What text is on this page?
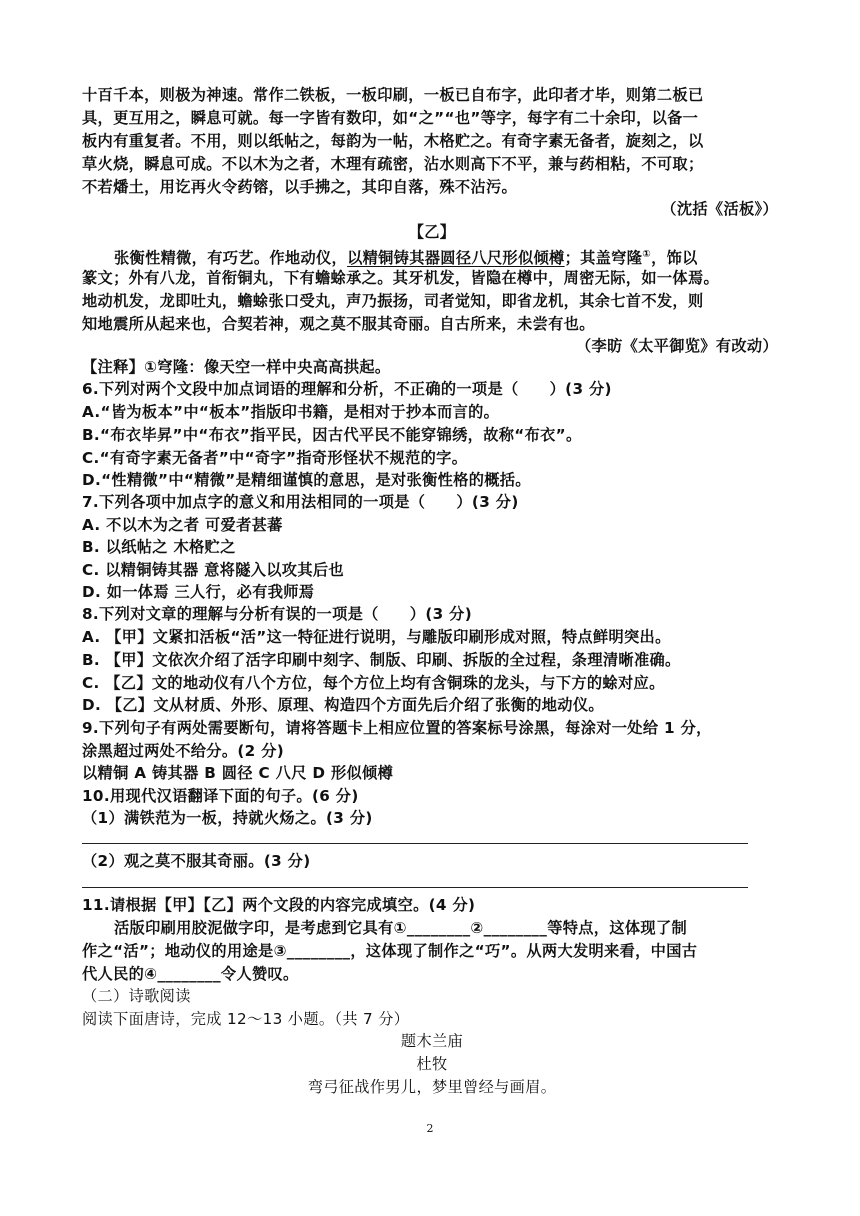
十百千本，则极为神速。常作二铁板，一板印刷，一板已自布字，此印者才毕，则第二板已
具，更互用之，瞬息可就。每一字皆有数印，如“之”“也”等字，每字有二十余印，以备一
板内有重复者。不用，则以纸帖之，每韵为一帖，木格贮之。有奇字素无备者，旋刻之，以
草火烧，瞬息可成。不以木为之者，木理有疏密，沾水则高下不平，兼与药相粘，不可取；
不若燔土，用讫再火令药镕，以手拂之，其印自落，殊不沾污。
（沈括《活板》）
【乙】
张衡性精微，有巧艺。作地动仪，以精铜铸其器圆径八尺形似倾樽；其盖穹隆①，饰以
篆文；外有八龙，首衔铜丸，下有蟾蜍承之。其牙机发，皆隐在樽中，周密无际，如一体焉。
地动机发，龙即吐丸，蟾蜍张口受丸，声乃振扬，司者觉知，即省龙机，其余七首不发，则
知地震所从起来也，合契若神，观之莫不服其奇丽。自古所来，未尝有也。
（李昉《太平御览》有改动）
【注释】①穹隆：像天空一样中央高高拱起。
6.下列对两个文段中加点词语的理解和分析，不正确的一项是（　　）(3 分)
A.“皆为板本”中“板本”指版印书籍，是相对于抄本而言的。
B.“布衣毕昇”中“布衣”指平民，因古代平民不能穿锦绣，故称“布衣”。
C.“有奇字素无备者”中“奇字”指奇形怪状不规范的字。
D.“性精微”中“精微”是精细谨慎的意思，是对张衡性格的概括。
7.下列各项中加点字的意义和用法相同的一项是（　　）(3 分)
A. 不以木为之者 可爱者甚蕃
B. 以纸帖之 木格贮之
C. 以精铜铸其器 意将隧入以攻其后也
D. 如一体焉 三人行，必有我师焉
8.下列对文章的理解与分析有误的一项是（　　）(3 分)
A. 【甲】文紧扣活板“活”这一特征进行说明，与雕版印刷形成对照，特点鲜明突出。
B. 【甲】文依次介绍了活字印刷中刻字、制版、印刷、拆版的全过程，条理清晰准确。
C. 【乙】文的地动仪有八个方位，每个方位上均有含铜珠的龙头，与下方的蜍对应。
D. 【乙】文从材质、外形、原理、构造四个方面先后介绍了张衡的地动仪。
9.下列句子有两处需要断句，请将答题卡上相应位置的答案标号涂黑，每涂对一处给 1 分，
涂黑超过两处不给分。(2 分)
以精铜 A 铸其器 B 圆径 C 八尺 D 形似倾樽
10.用现代汉语翻译下面的句子。(6 分)
（1）满铁范为一板，持就火炀之。(3 分)
（2）观之莫不服其奇丽。(3 分)
11.请根据【甲】【乙】两个文段的内容完成填空。(4 分)
活版印刷用胶泥做字印，是考虑到它具有①________②________等特点，这体现了制
作之“活”；地动仪的用途是③________，这体现了制作之“巧”。从两大发明来看，中国古
代人民的④________令人赞叹。
（二）诗歌阅读
阅读下面唐诗，完成 12～13 小题。（共 7 分）
题木兰庙
杜牧
弯弓征战作男儿，梦里曾经与画眉。
2
